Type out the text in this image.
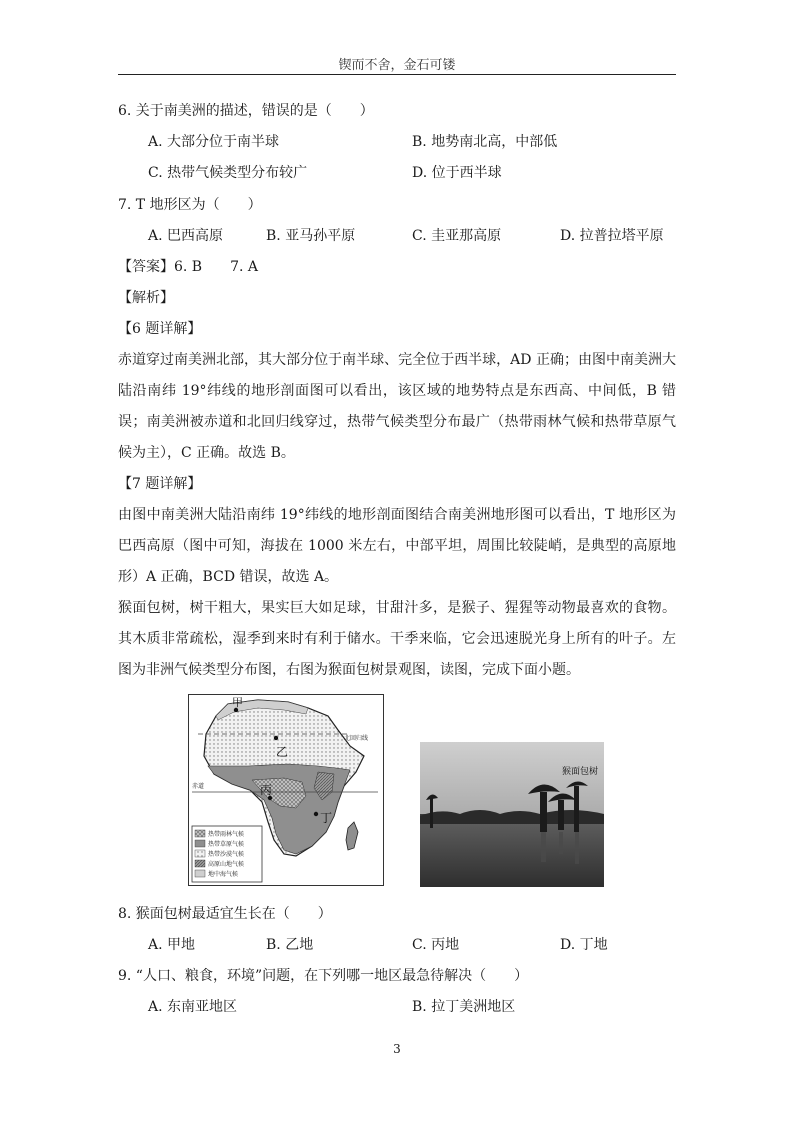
锲而不舍，金石可镂
6. 关于南美洲的描述，错误的是（　　）
A. 大部分位于南半球	B. 地势南北高，中部低
C. 热带气候类型分布较广	D. 位于西半球
7. T 地形区为（　　）
A. 巴西高原	B. 亚马孙平原	C. 圭亚那高原	D. 拉普拉塔平原
【答案】6. B　　7. A
【解析】
【6 题详解】
赤道穿过南美洲北部，其大部分位于南半球、完全位于西半球，AD 正确；由图中南美洲大陆沿南纬 19°纬线的地形剖面图可以看出，该区域的地势特点是东西高、中间低，B 错误；南美洲被赤道和北回归线穿过，热带气候类型分布最广（热带雨林气候和热带草原气候为主），C 正确。故选 B。
【7 题详解】
由图中南美洲大陆沿南纬 19°纬线的地形剖面图结合南美洲地形图可以看出，T 地形区为巴西高原（图中可知，海拔在 1000 米左右，中部平坦，周围比较陡峭，是典型的高原地形）A 正确，BCD 错误，故选 A。
猴面包树，树干粗大，果实巨大如足球，甘甜汁多，是猴子、猩猩等动物最喜欢的食物。其木质非常疏松，湿季到来时有利于储水。干季来临，它会迅速脱光身上所有的叶子。左图为非洲气候类型分布图，右图为猴面包树景观图，读图，完成下面小题。
北回归线
赤道
甲
乙
丙
丁
热带雨林气候
热带草原气候
热带沙漠气候
高原山地气候
地中海气候
猴面包树
8. 猴面包树最适宜生长在（　　）
A. 甲地	B. 乙地	C. 丙地	D. 丁地
9. “人口、粮食，环境”问题，在下列哪一地区最急待解决（　　）
A. 东南亚地区	B. 拉丁美洲地区
3
